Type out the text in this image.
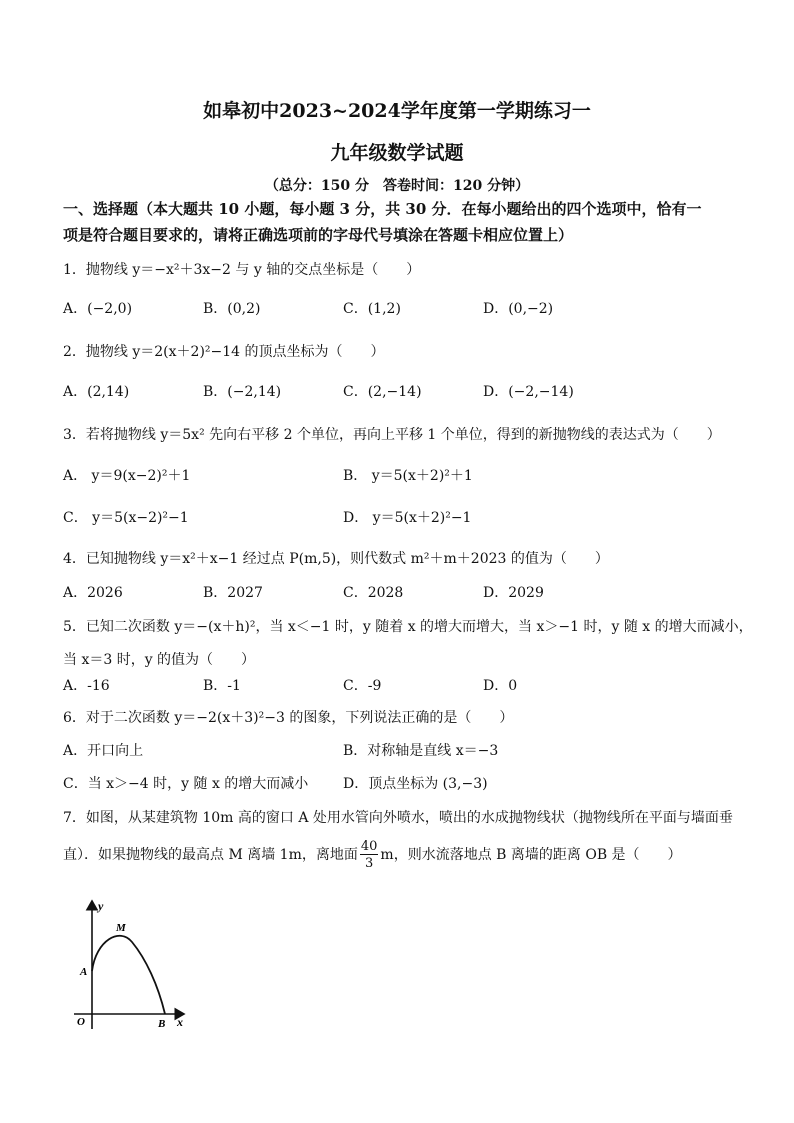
如皋初中2023~2024学年度第一学期练习一
九年级数学试题
（总分：150 分　答卷时间：120 分钟）
一、选择题（本大题共 10 小题，每小题 3 分，共 30 分．在每小题给出的四个选项中，恰有一
项是符合题目要求的，请将正确选项前的字母代号填涂在答题卡相应位置上）
1．抛物线 y＝−x²＋3x−2 与 y 轴的交点坐标是（　　）
A．(−2,0)	B．(0,2)	C．(1,2)	D．(0,−2)
2．抛物线 y＝2(x＋2)²−14 的顶点坐标为（　　）
A．(2,14)	B．(−2,14)	C．(2,−14)	D．(−2,−14)
3．若将抛物线 y＝5x² 先向右平移 2 个单位，再向上平移 1 个单位，得到的新抛物线的表达式为（　　）
A． y＝9(x−2)²＋1	B． y＝5(x＋2)²＋1
C． y＝5(x−2)²−1	D． y＝5(x＋2)²−1
4．已知抛物线 y＝x²＋x−1 经过点 P(m,5)，则代数式 m²＋m＋2023 的值为（　　）
A．2026	B．2027	C．2028	D．2029
5．已知二次函数 y＝−(x＋h)²，当 x＜−1 时，y 随着 x 的增大而增大，当 x＞−1 时，y 随 x 的增大而减小，
当 x＝3 时，y 的值为（　　）
A．-16	B．-1	C．-9	D．0
6．对于二次函数 y＝−2(x＋3)²−3 的图象，下列说法正确的是（　　）
A．开口向上	B．对称轴是直线 x＝−3
C．当 x＞−4 时，y 随 x 的增大而减小 D．顶点坐标为 (3,−3)
7．如图，从某建筑物 10m 高的窗口 A 处用水管向外喷水，喷出的水成抛物线状（抛物线所在平面与墙面垂
直）．如果抛物线的最高点 M 离墙 1m，离地面 $\frac{40}{3}$ m，则水流落地点 B 离墙的距离 OB 是（　　）
y
x
O
A
M
B
